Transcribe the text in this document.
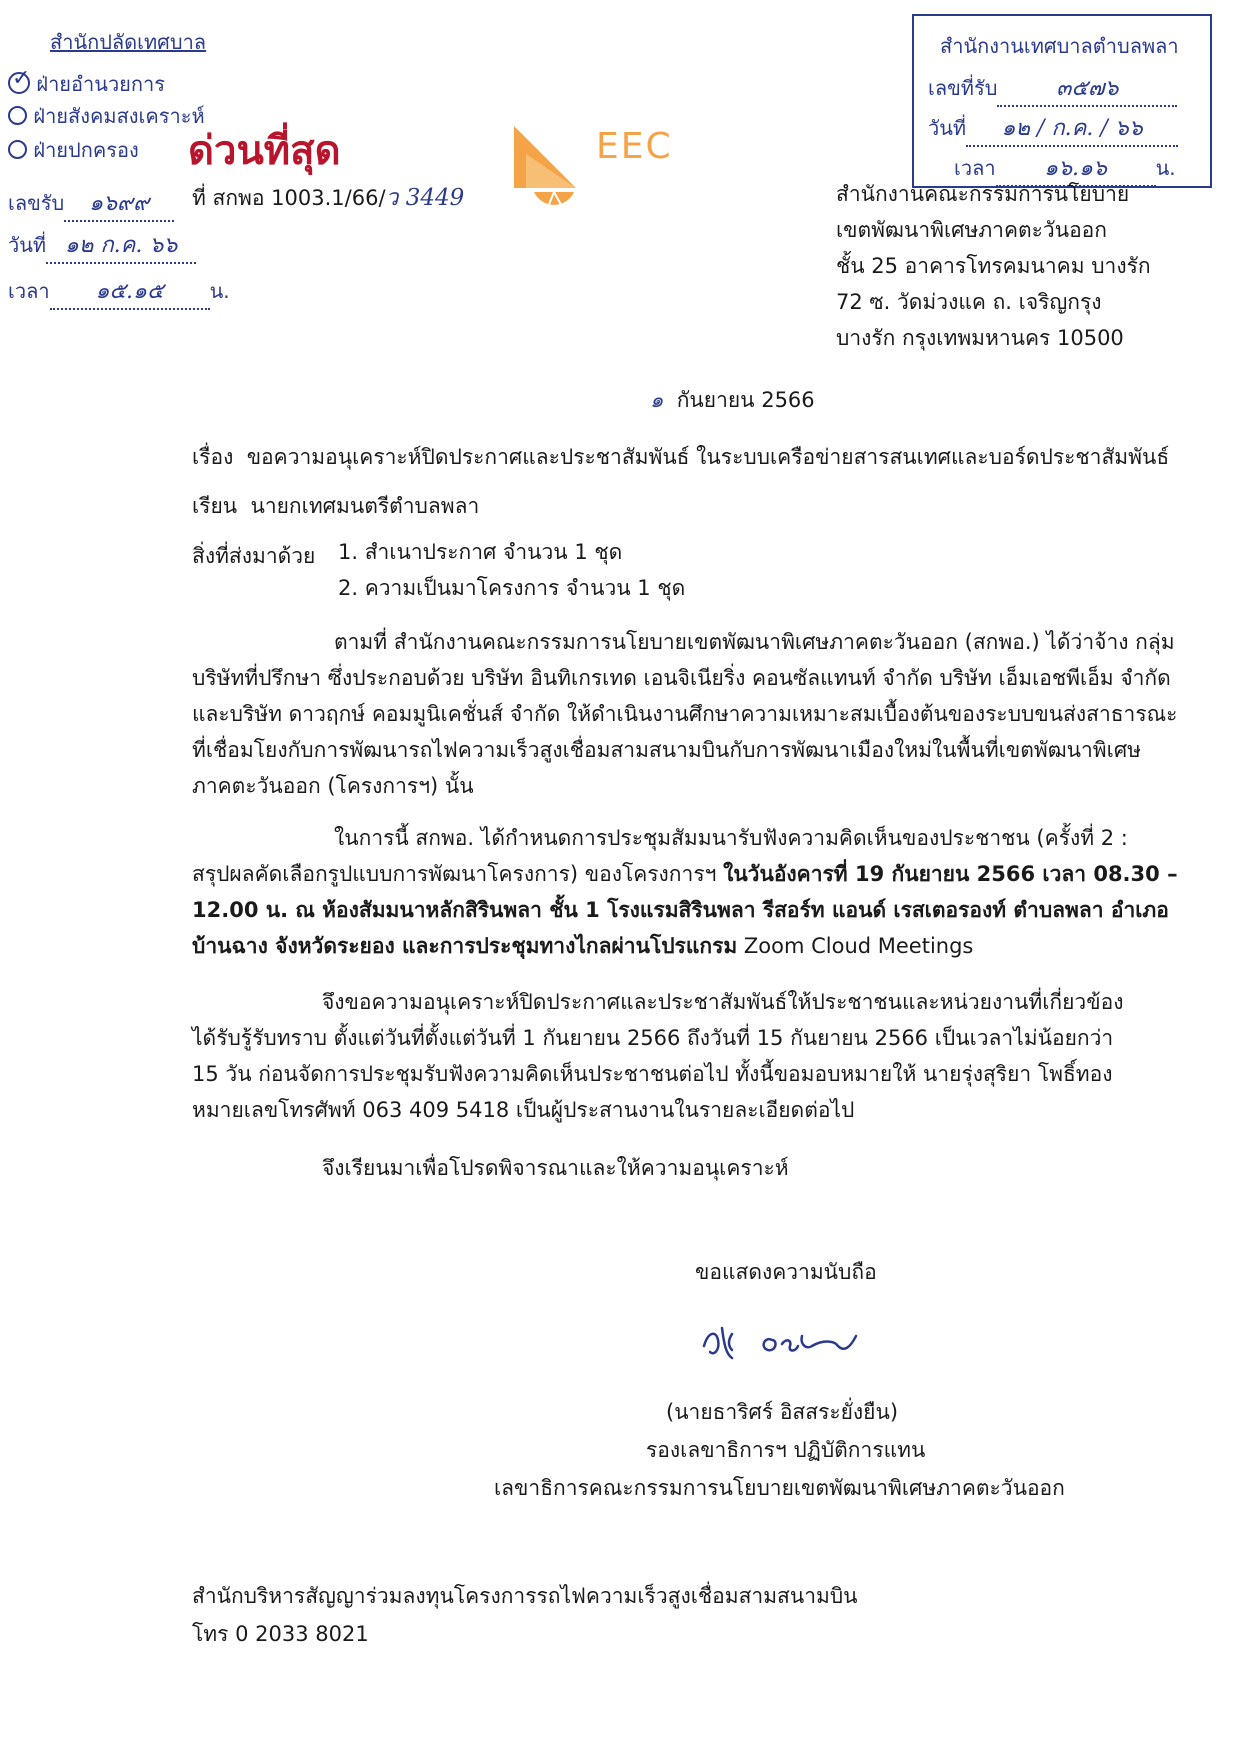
สำนักปลัดเทศบาล
✓ ฝ่ายอำนวยการ
ฝ่ายสังคมสงเคราะห์
ฝ่ายปกครอง
เลขรับ ๑๖๙๙
วันที่ ๑๒ ก.ค. ๖๖
เวลา ๑๕.๑๕ น.
ด่วนที่สุด	EEC
สำนักงานเทศบาลตำบลพลา
เลขที่รับ	๓๕๗๖
วันที่ ๑๒ / ก.ค. / ๖๖
เวลา ๑๖.๑๖ น.
ที่ สกพอ 1003.1/66/ว 3449	สำนักงานคณะกรรมการนโยบาย

เขตพัฒนาพิเศษภาคตะวันออก

ชั้น 25 อาคารโทรคมนาคม บางรัก

72 ซ. วัดม่วงแค ถ. เจริญกรุง

บางรัก กรุงเทพมหานคร 10500

๑ กันยายน 2566
เรื่อง ขอความอนุเคราะห์ปิดประกาศและประชาสัมพันธ์ ในระบบเครือข่ายสารสนเทศและบอร์ดประชาสัมพันธ์
เรียน นายกเทศมนตรีตำบลพลา
สิ่งที่ส่งมาด้วย 1. สำเนาประกาศ จำนวน 1 ชุด

2. ความเป็นมาโครงการ จำนวน 1 ชุด

ตามที่ สำนักงานคณะกรรมการนโยบายเขตพัฒนาพิเศษภาคตะวันออก (สกพอ.) ได้ว่าจ้าง กลุ่ม

บริษัทที่ปรึกษา ซึ่งประกอบด้วย บริษัท อินทิเกรเทด เอนจิเนียริ่ง คอนซัลแทนท์ จำกัด บริษัท เอ็มเอชพีเอ็ม จำกัด

และบริษัท ดาวฤกษ์ คอมมูนิเคชั่นส์ จำกัด ให้ดำเนินงานศึกษาความเหมาะสมเบื้องต้นของระบบขนส่งสาธารณะ

ที่เชื่อมโยงกับการพัฒนารถไฟความเร็วสูงเชื่อมสามสนามบินกับการพัฒนาเมืองใหม่ในพื้นที่เขตพัฒนาพิเศษ

ภาคตะวันออก (โครงการฯ) นั้น

ในการนี้ สกพอ. ได้กำหนดการประชุมสัมมนารับฟังความคิดเห็นของประชาชน (ครั้งที่ 2 :

สรุปผลคัดเลือกรูปแบบการพัฒนาโครงการ) ของโครงการฯ ในวันอังคารที่ 19 กันยายน 2566 เวลา 08.30 –

12.00 น. ณ ห้องสัมมนาหลักสิรินพลา ชั้น 1 โรงแรมสิรินพลา รีสอร์ท แอนด์ เรสเตอรองท์ ตำบลพลา อำเภอ

บ้านฉาง จังหวัดระยอง และการประชุมทางไกลผ่านโปรแกรม Zoom Cloud Meetings

จึงขอความอนุเคราะห์ปิดประกาศและประชาสัมพันธ์ให้ประชาชนและหน่วยงานที่เกี่ยวข้อง

ได้รับรู้รับทราบ ตั้งแต่วันที่ตั้งแต่วันที่ 1 กันยายน 2566 ถึงวันที่ 15 กันยายน 2566 เป็นเวลาไม่น้อยกว่า

15 วัน ก่อนจัดการประชุมรับฟังความคิดเห็นประชาชนต่อไป ทั้งนี้ขอมอบหมายให้ นายรุ่งสุริยา โพธิ์ทอง

หมายเลขโทรศัพท์ 063 409 5418 เป็นผู้ประสานงานในรายละเอียดต่อไป

จึงเรียนมาเพื่อโปรดพิจารณาและให้ความอนุเคราะห์
ขอแสดงความนับถือ
(นายธาริศร์ อิสสระยั่งยืน)
รองเลขาธิการฯ ปฏิบัติการแทน
เลขาธิการคณะกรรมการนโยบายเขตพัฒนาพิเศษภาคตะวันออก
สำนักบริหารสัญญาร่วมลงทุนโครงการรถไฟความเร็วสูงเชื่อมสามสนามบิน
โทร 0 2033 8021
